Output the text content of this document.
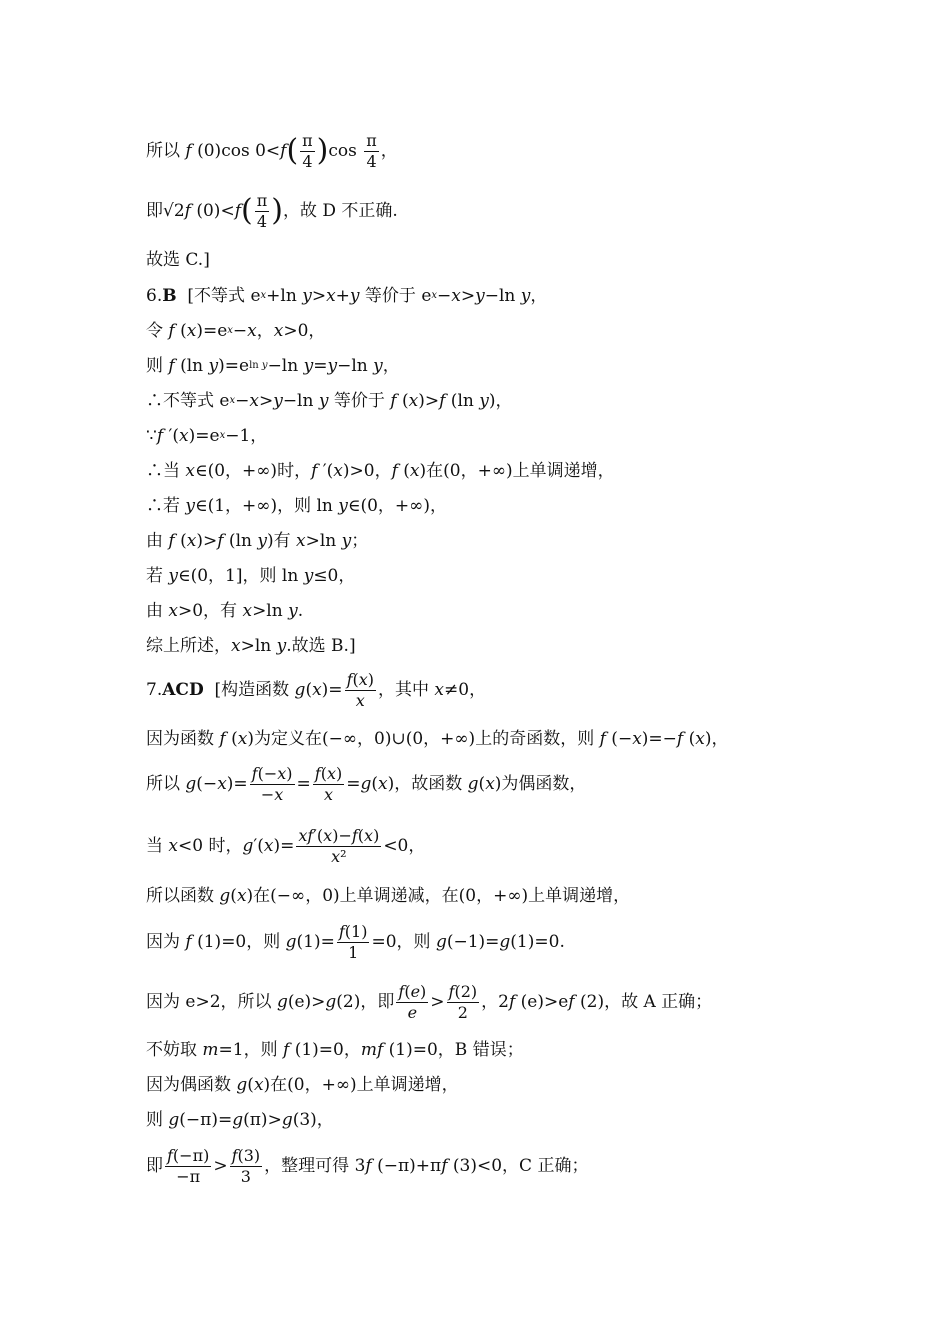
所以 f (0)cos 0<f ( $\frac{\pi}{4}$ ) $\cos \frac{\pi}{4}$ ，
即√2f (0)<f ( $\frac{\pi}{4}$ ) ，故 D 不正确.
故选 C.]
6. B [不等式 e x +ln y>x+y 等价于 e x −x>y−ln y，
令 f (x)=e x −x，x>0，
则 f (ln y)=e ln y −ln y=y−ln y，
∴不等式 e x −x>y−ln y 等价于 f (x)>f (ln y)，
∵f ′(x)=e x −1，
∴当 x∈(0，+∞)时，f ′(x)>0，f (x)在(0，+∞)上单调递增，
∴若 y∈(1，+∞)，则 ln y∈(0，+∞)，
由 f (x)>f (ln y)有 x>ln y；
若 y∈(0，1]，则 ln y≤0，
由 x>0，有 x>ln y.
综上所述，x>ln y.故选 B.]
7. ACD [构造函数 $g(x)= \frac{f(x)}{x}$ ，其中 x≠0，
因为函数 f (x)为定义在(−∞，0)∪(0，+∞)上的奇函数，则 f (−x)=−f (x)，
所以 $g(-x)= \frac{f(-x)}{-x} = \frac{f(x)}{x} =g(x)$，故函数 g(x)为偶函数，
当 x<0 时，$g'(x)= \frac{xf'(x)-f(x)}{\text{x²}} <0$，
所以函数 g(x)在(−∞，0)上单调递减，在(0，+∞)上单调递增，
因为 f (1)=0，则 $g(1)= \frac{f(1)}{1} =0$，则 g(−1)=g(1)=0.
因为 e>2，所以 g(e)>g(2)，即 $\frac{f(e)}{e} > \frac{f(2)}{2}$ ，2f (e)>ef (2)，故 A 正确；
不妨取 m=1，则 f (1)=0，mf (1)=0，B 错误；
因为偶函数 g(x)在(0，+∞)上单调递增，
则 g(−π)=g(π)>g(3)，
即 $\frac{f(-\pi)}{-\pi} > \frac{f(3)}{3}$ ，整理可得 3f (−π)+πf (3)<0，C 正确；
